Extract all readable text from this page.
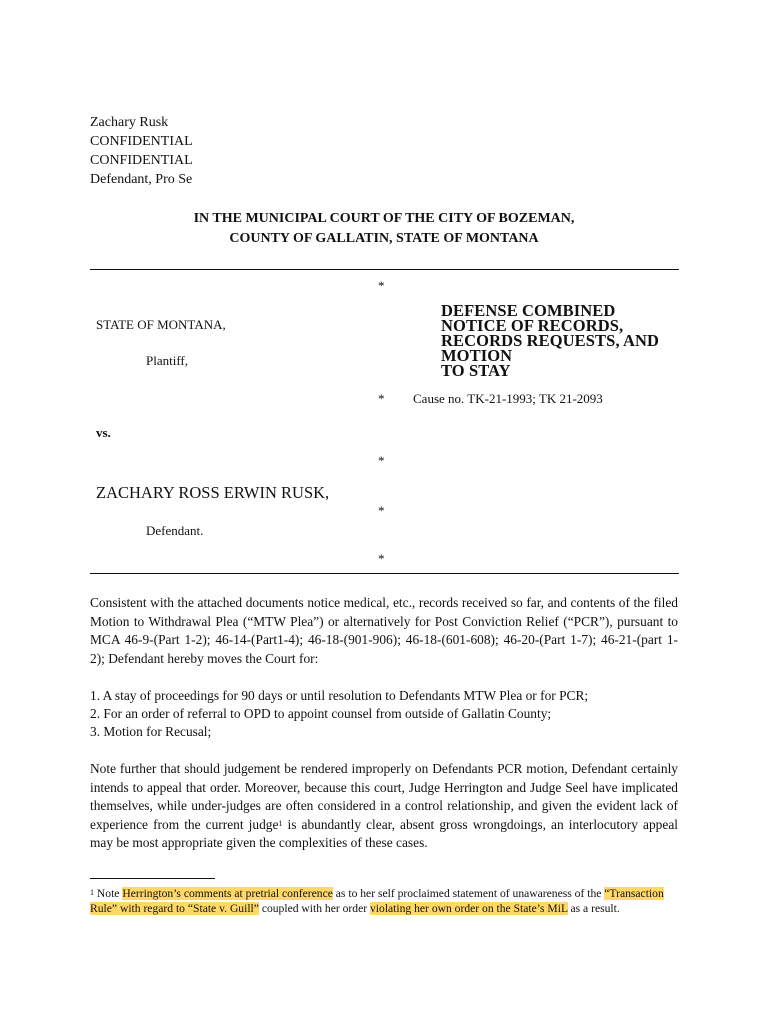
Zachary Rusk
CONFIDENTIAL
CONFIDENTIAL
Defendant, Pro Se
IN THE MUNICIPAL COURT OF THE CITY OF BOZEMAN,
COUNTY OF GALLATIN, STATE OF MONTANA
*
*
*
*
*
STATE OF MONTANA,
Plantiff,
vs.
ZACHARY ROSS ERWIN RUSK,
Defendant.
DEFENSE COMBINED
NOTICE OF RECORDS,
RECORDS REQUESTS, AND
MOTION
TO STAY
Cause no. TK-21-1993; TK 21-2093
Consistent with the attached documents notice medical, etc., records received so far, and contents of the filed Motion to Withdrawal Plea (“MTW Plea”) or alternatively for Post Conviction Relief (“PCR”), pursuant to MCA 46-9-(Part 1-2); 46-14-(Part1-4); 46-18-(901-906); 46-18-(601-608); 46-20-(Part 1-7); 46-21-(part 1-2); Defendant hereby moves the Court for:
1. A stay of proceedings for 90 days or until resolution to Defendants MTW Plea or for PCR;
2. For an order of referral to OPD to appoint counsel from outside of Gallatin County;
3. Motion for Recusal;
Note further that should judgement be rendered improperly on Defendants PCR motion, Defendant certainly intends to appeal that order. Moreover, because this court, Judge Herrington and Judge Seel have implicated themselves, while under-judges are often considered in a control relationship, and given the evident lack of experience from the current judge$^1$ is abundantly clear, absent gross wrongdoings, an interlocutory appeal may be most appropriate given the complexities of these cases.
$^1$ Note Herrington’s comments at pretrial conference as to her self proclaimed statement of unawareness of the “Transaction Rule” with regard to “State v. Guill” coupled with her order violating her own order on the State’s MiL as a result.
